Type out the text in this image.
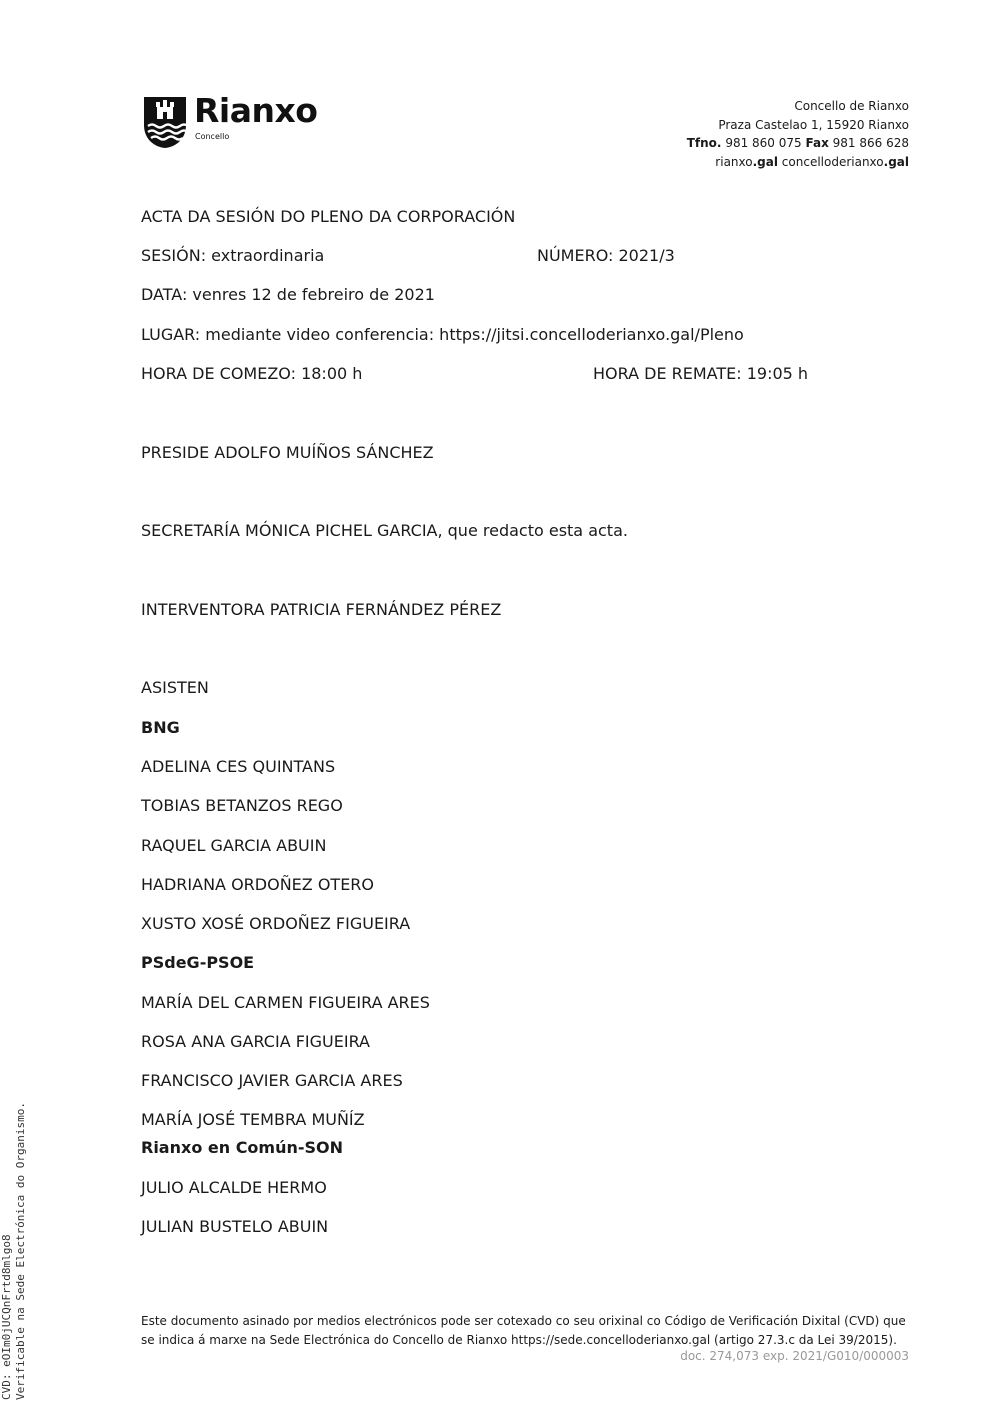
Rianxo
Concello
Concello de Rianxo
Praza Castelao 1, 15920 Rianxo
Tfno. 981 860 075 Fax 981 866 628
rianxo.gal concelloderianxo.gal
ACTA DA SESIÓN DO PLENO DA CORPORACIÓN
SESIÓN: extraordinaria	NÚMERO: 2021/3
DATA: venres 12 de febreiro de 2021
LUGAR: mediante video conferencia: https://jitsi.concelloderianxo.gal/Pleno
HORA DE COMEZO: 18:00 h	HORA DE REMATE: 19:05 h
PRESIDE ADOLFO MUÍÑOS SÁNCHEZ
SECRETARÍA MÓNICA PICHEL GARCIA, que redacto esta acta.
INTERVENTORA PATRICIA FERNÁNDEZ PÉREZ
ASISTEN
BNG
ADELINA CES QUINTANS
TOBIAS BETANZOS REGO
RAQUEL GARCIA ABUIN
HADRIANA ORDOÑEZ OTERO
XUSTO XOSÉ ORDOÑEZ FIGUEIRA
PSdeG-PSOE
MARÍA DEL CARMEN FIGUEIRA ARES
ROSA ANA GARCIA FIGUEIRA
FRANCISCO JAVIER GARCIA ARES
MARÍA JOSÉ TEMBRA MUÑÍZ
Rianxo en Común-SON
JULIO ALCALDE HERMO
JULIAN BUSTELO ABUIN
Este documento asinado por medios electrónicos pode ser cotexado co seu orixinal co Código de Verificación Dixital (CVD) que
se indica á marxe na Sede Electrónica do Concello de Rianxo https://sede.concelloderianxo.gal (artigo 27.3.c da Lei 39/2015).
doc. 274,073 exp. 2021/G010/000003
CVD: eOIm0jUCQnFrtd8mlgo8 Verificable na Sede Electrónica do Organismo.
